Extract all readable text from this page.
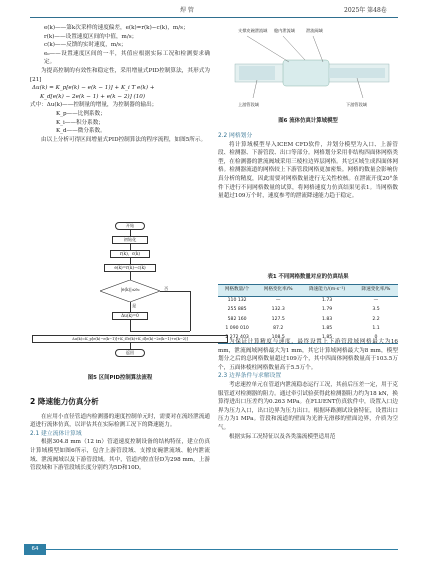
焊 管	2025年 第48卷

e(k)——第k次采样的速度偏差，e(k)=r(k)−c(k)，m/s；

r(k)——设置速度区间的中值，m/s；

c(k)——反馈的实时速度，m/s；

e₀——设置速度区间的一半，其值应根据实际工况和检测要求确定。

为提高控制的有效性和稳定性，采用增量式PID控制算法，其形式为[21]

Δu(k) = K_p[e(k) − e(k − 1)] + K_i T e(k) +

K_d[e(k) − 2e(k − 1) + e(k − 2)] (10)

式中：Δu(k)——控制量的增量，为控制器的输出；

K_p——比例系数；

K_i——积分系数；

K_d——微分系数。

由以上分析可得区间增量式PID控制算法的程序流程，如图5所示。

开始
初始化
r(k)、c(k)
e(k)=r(k)−c(k)
|e(k)|≤e₀	否
是
Δu(k)=0
Δu(k)=K_p[e(k)−e(k−1)]+K_iTe(k)+K_d[e(k)−2e(k−1)+e(k−2)]
返回
图5 区间PID控制算法流程

2 降速能力仿真分析

在应用小直径管道内检测器的速度控制单元时，需要对在流经泄流通道进行流体仿真，以评估其在实际检测工况下的降速能力。

2.1 建立流体计算域

根据304.8 mm（12 in）管道速度控制设备的结构特征，建立仿真计算域模型如图6所示，包含上游管段域、支撑皮碗泄流域、舱内泄流域、泄流阀域以及下游管段域。其中，管道内腔直径D为298 mm，上游管段域和下游管段域长度分别约为5D和10D。

支撑皮碗泄流域 舱内泄流域	泄流阀域
上游管段域	下游管段域
图6 流体仿真计算域模型

2.2 网格划分

将计算域模型导入ICEM CFD软件，并划分模型为入口、上游管段、检测器、下游管段、出口等部分。网格划分采用非结构四面体网格类型，在检测器的泄流阀域采用三棱柱边界层网格。其它区域生成四面体网格。检测器流道的网格较上下游管段网格更加密集。网格的数量会影响仿真分析的精度，因此需要对网格数量进行无关性校核。在泄流开度20°条件下进行不同网格数量的试算，将网格速度力仿真结果见表1。当网格数量超过109万个时，速度参考的泄流降速能力趋于稳定。

表1 不同网格数量对应的仿真结果
网格数量/个	网格变化率/%	降速能力/(m·s⁻¹)	降速变化率/%
110 132	—	1.73	—
255 885	132.3	1.79	3.5
582 160	127.5	1.83	2.2
1 090 010	87.2	1.85	1.1
2 272 403	108.5	1.85	0

为保证计算精度与速度，最终设置上下游管段域网格最大为16 mm，泄流阀域网格最大为1 mm，其它计算域网格最大为8 mm，模型划分之后的总网格数量超过109万个，其中四面体网格数量高于103.5万个，五面体棱柱网格数量高于5.5万个。

2.3 边界条件与求解设置

考虑速控单元在管道内泄流稳态运行工况，其前后压差一定，用于克服管道对检测器的阻力。通过牵引试验获得此检测器阻力约为18 kN，换算得进出口压差约为0.263 MPa。在FLUENT仿真软件中，设置入口边界为压力入口，出口边界为压力出口。根据环路测试设备特征，设置出口压力为1 MPa。管段和流道的壁面为光滑无滑移的壁面边界，介质为空气。

根据实际工况特征以及各类湍流模型适用范

64
